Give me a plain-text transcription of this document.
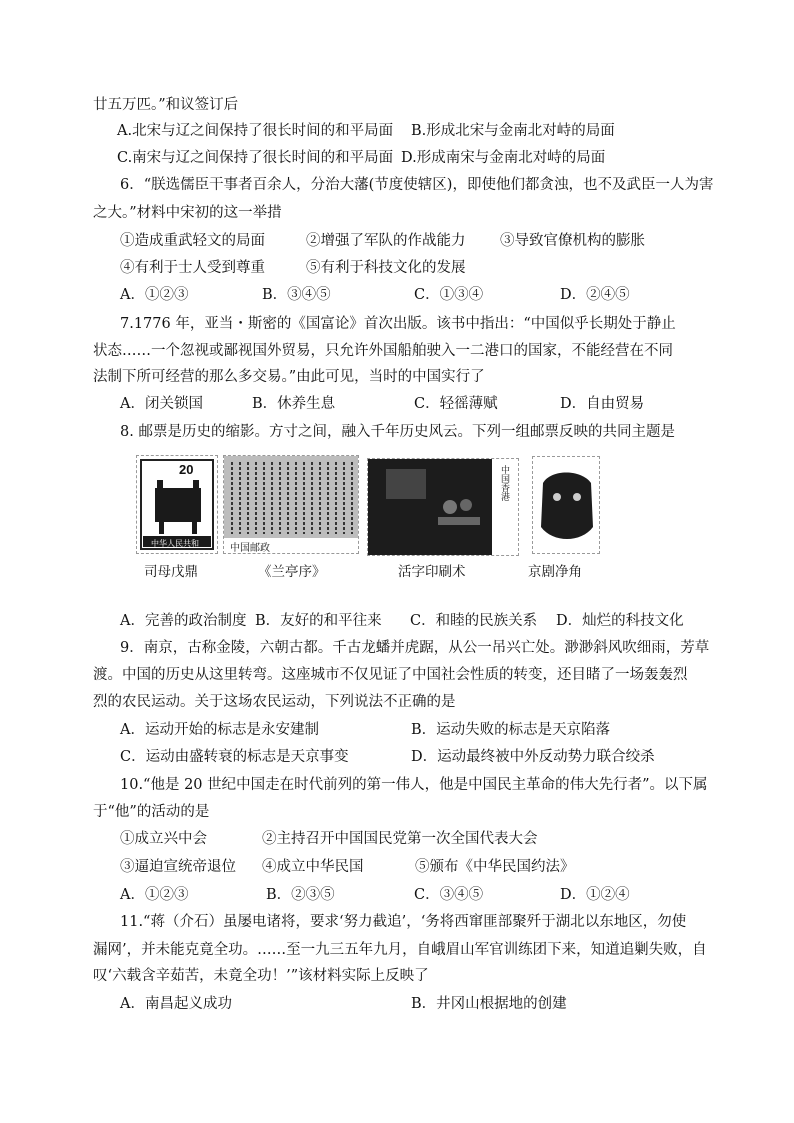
廿五万匹。”和议签订后
A.北宋与辽之间保持了很长时间的和平局面 B.形成北宋与金南北对峙的局面
C.南宋与辽之间保持了很长时间的和平局面 D.形成南宋与金南北对峙的局面
6．“朕选儒臣干事者百余人，分治大藩(节度使辖区)，即使他们都贪浊，也不及武臣一人为害
之大。”材料中宋初的这一举措
①造成重武轻文的局面	②增强了军队的作战能力 ③导致官僚机构的膨胀
④有利于士人受到尊重	⑤有利于科技文化的发展
A．①②③	B．③④⑤	C．①③④	D．②④⑤
7.1776 年，亚当・斯密的《国富论》首次出版。该书中指出：“中国似乎长期处于静止
状态……一个忽视或鄙视国外贸易，只允许外国船舶驶入一二港口的国家，不能经营在不同
法制下所可经营的那么多交易。”由此可见，当时的中国实行了
A．闭关锁国	B．休养生息	C．轻徭薄赋	D．自由贸易
8. 邮票是历史的缩影。方寸之间，融入千年历史风云。下列一组邮票反映的共同主题是
20
中华人民共和
司母戊鼎
中国邮政
《兰亭序》
中国香港
活字印刷术	京剧净角
A．完善的政治制度 B．友好的和平往来 C．和睦的民族关系 D．灿烂的科技文化
9．南京，古称金陵，六朝古都。千古龙蟠并虎踞，从公一吊兴亡处。渺渺斜风吹细雨，芳草
渡。中国的历史从这里转弯。这座城市不仅见证了中国社会性质的转变，还目睹了一场轰轰烈
烈的农民运动。关于这场农民运动，下列说法不正确的是
A．运动开始的标志是永安建制	B．运动失败的标志是天京陷落
C．运动由盛转衰的标志是天京事变	D．运动最终被中外反动势力联合绞杀
10.“他是 20 世纪中国走在时代前列的第一伟人，他是中国民主革命的伟大先行者”。以下属
于“他”的活动的是
①成立兴中会	②主持召开中国国民党第一次全国代表大会
③逼迫宣统帝退位 ④成立中华民国	⑤颁布《中华民国约法》
A．①②③	B．②③⑤	C．③④⑤	D．①②④
11.“蒋（介石）虽屡电诸将，要求‘努力截追’，‘务将西窜匪部聚歼于湖北以东地区，勿使
漏网’，并未能克竟全功。……至一九三五年九月，自峨眉山军官训练团下来，知道追剿失败，自
叹‘六载含辛茹苦，未竟全功！’”该材料实际上反映了
A．南昌起义成功	B．井冈山根据地的创建
